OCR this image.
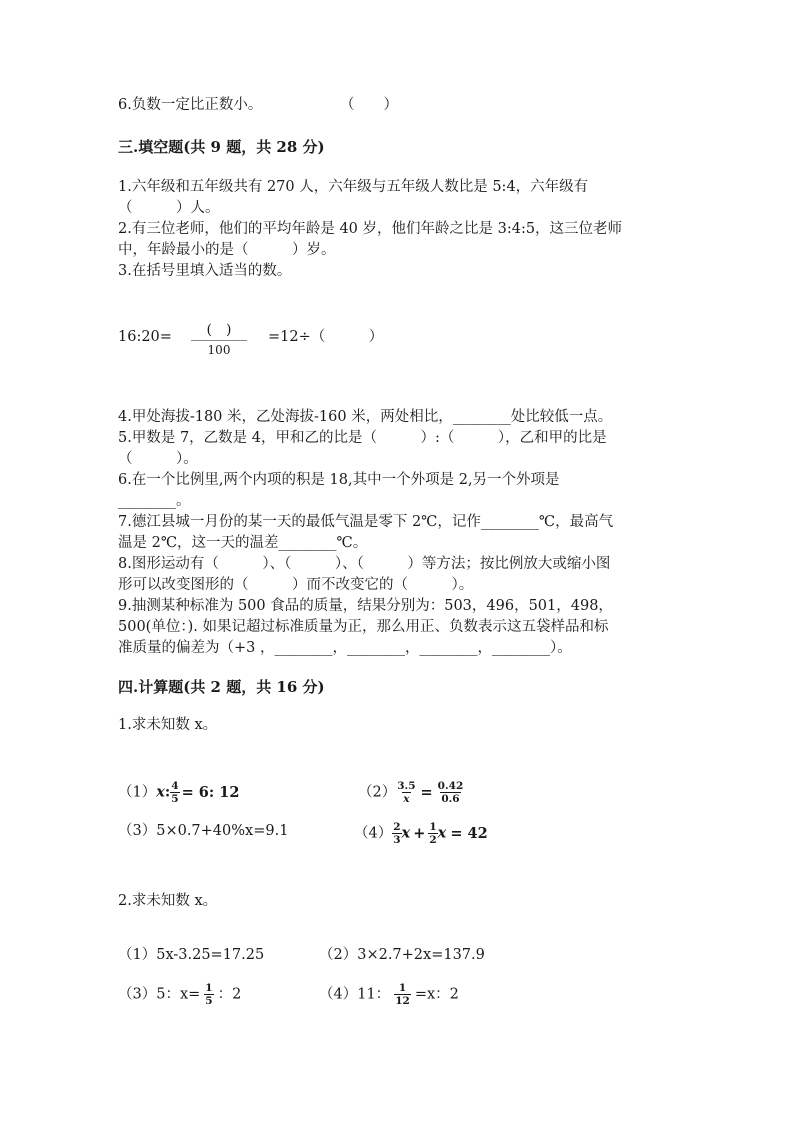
6.负数一定比正数小。	（　　）
三.填空题(共 9 题，共 28 分)
1.六年级和五年级共有 270 人，六年级与五年级人数比是 5:4，六年级有
（　　　）人。
2.有三位老师，他们的平均年龄是 40 岁，他们年龄之比是 3:4:5，这三位老师
中，年龄最小的是（　　　）岁。
3.在括号里填入适当的数。
16:20= (　)
100
=12÷（　　　）
4.甲处海拔-180 米，乙处海拔-160 米，两处相比，________处比较低一点。
5.甲数是 7，乙数是 4，甲和乙的比是（　　　）:（　　　），乙和甲的比是
（　　　）。
6.在一个比例里,两个内项的积是 18,其中一个外项是 2,另一个外项是
________。
7.德江县城一月份的某一天的最低气温是零下 2℃，记作________℃，最高气
温是 2℃，这一天的温差________℃。
8.图形运动有（　　　）、（　　　）、（　　　）等方法；按比例放大或缩小图
形可以改变图形的（　　　）而不改变它的（　　　）。
9.抽测某种标准为 500 食品的质量，结果分别为：503，496，501，498，
500(单位：). 如果记超过标准质量为正，那么用正、负数表示这五袋样品和标
准质量的偏差为（+3 ，________，________，________，________）。
四.计算题(共 2 题，共 16 分)
1.求未知数 x。
（1）x: $\frac{4}{5} = 6$: 12	$(2) \frac{3.5}{x} = \frac{0.42}{0.6}$
（3）5×0.7+40%x=9.1	$(4) \frac{2}{3}$ $x + \frac{1}{2}$ x = 42
2.求未知数 x。
（1）5x-3.25=17.25	（2）3×2.7+2x=137.9
（3）5：$x= \frac{1}{5}$ ：2	（4）11： $\frac{1}{12} =x$：2
